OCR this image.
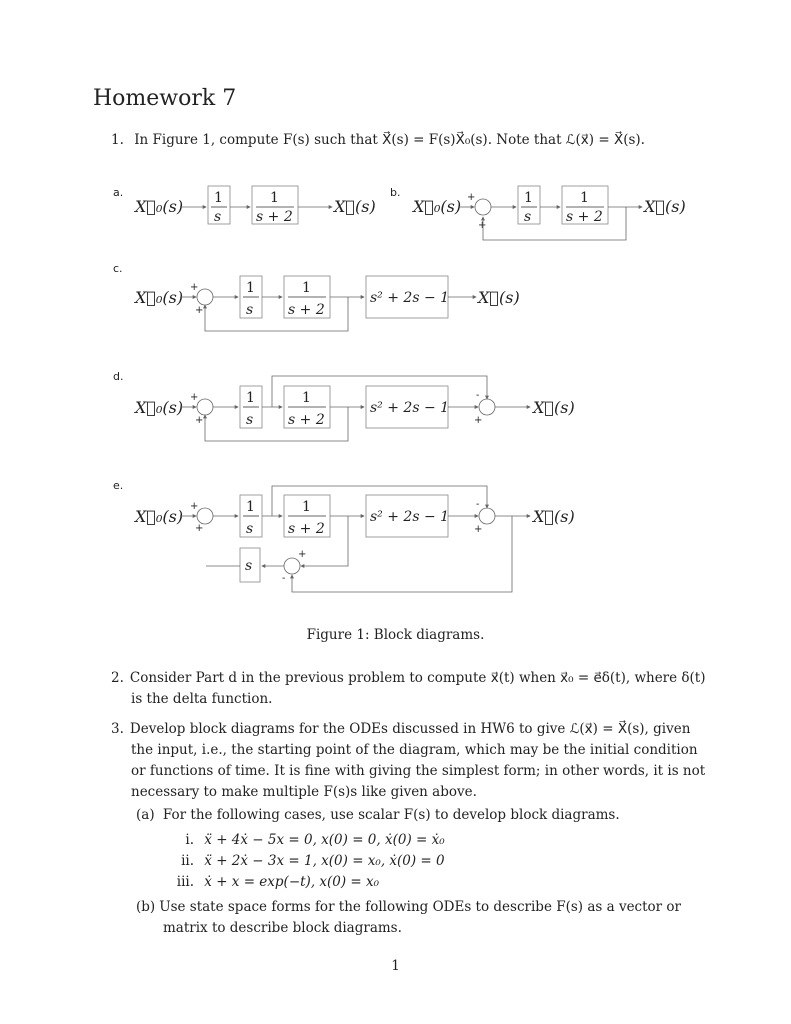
Homework 7
1. In Figure 1, compute F(s) such that X⃗(s) = F(s)X⃗₀(s). Note that ℒ(x⃗) = X⃗(s).
a.
X⃗₀(s) 1
s
1
s + 2
X⃗(s)
b.
X⃗₀(s) +
+
1
s
1
s + 2
X⃗(s)
c.
X⃗₀(s)
+
+
1
s
1
s + 2
s² + 2s − 1 X⃗(s)
d.
X⃗₀(s)
+
+
1
s
1
s + 2
s² + 2s − 1
-
+
X⃗(s)
e.
X⃗₀(s)
+
+
1
s
1
s + 2
s² + 2s − 1
-
+
X⃗(s)
+
-
s
Figure 1: Block diagrams.
2. Consider Part d in the previous problem to compute x⃗(t) when x⃗₀ = e⃗δ(t), where δ(t)
is the delta function.
3. Develop block diagrams for the ODEs discussed in HW6 to give ℒ(x⃗) = X⃗(s), given
the input, i.e., the starting point of the diagram, which may be the initial condition
or functions of time. It is fine with giving the simplest form; in other words, it is not
necessary to make multiple F(s)s like given above.
(a) For the following cases, use scalar F(s) to develop block diagrams.
i. ẍ + 4ẋ − 5x = 0, x(0) = 0, ẋ(0) = ẋ₀
ii. ẍ + 2ẋ − 3x = 1, x(0) = x₀, ẋ(0) = 0
iii. ẋ + x = exp(−t), x(0) = x₀
(b) Use state space forms for the following ODEs to describe F(s) as a vector or
matrix to describe block diagrams.
1
